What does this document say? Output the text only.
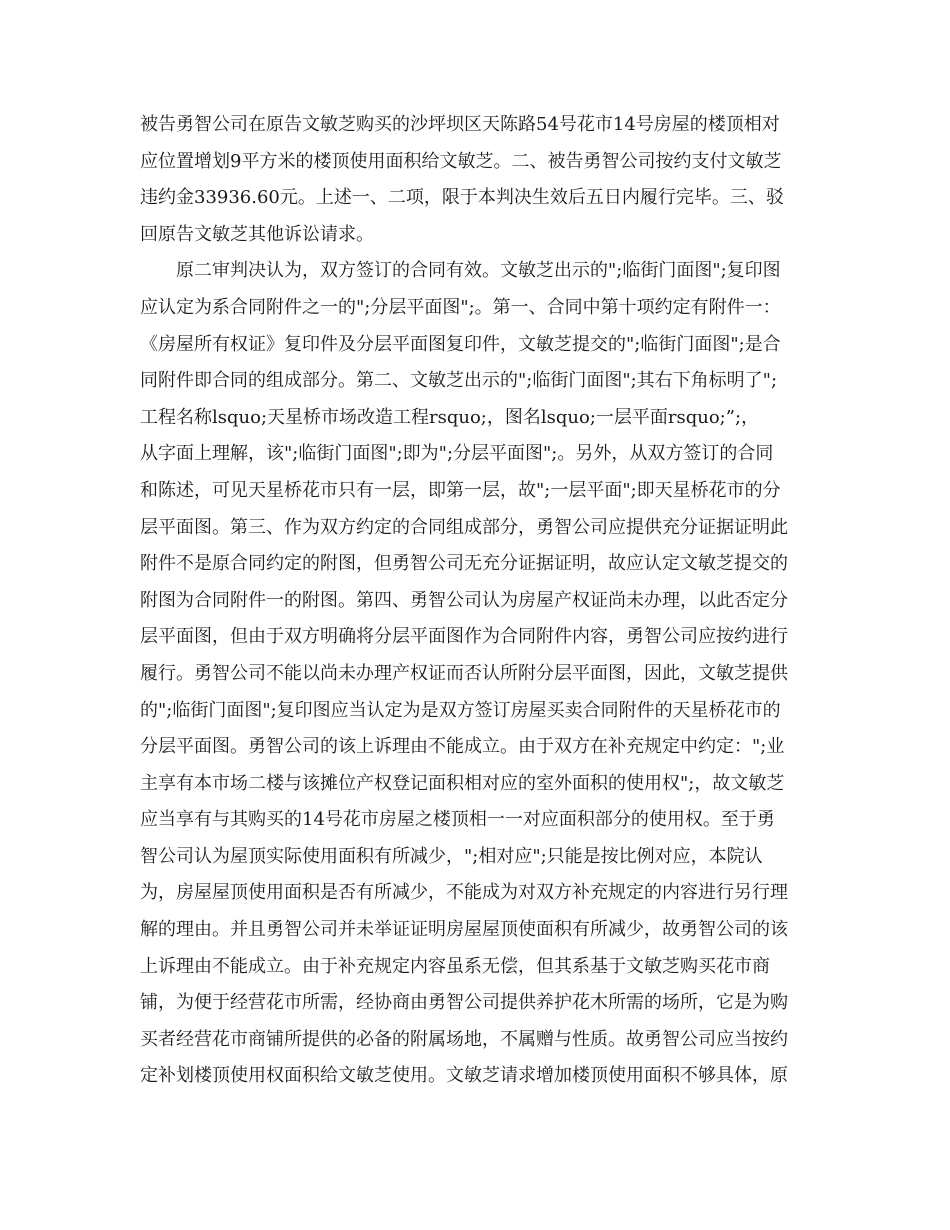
被告勇智公司在原告文敏芝购买的沙坪坝区天陈路54号花市14号房屋的楼顶相对
应位置增划9平方米的楼顶使用面积给文敏芝。二、被告勇智公司按约支付文敏芝
违约金33936.60元。上述一、二项，限于本判决生效后五日内履行完毕。三、驳
回原告文敏芝其他诉讼请求。
　　原二审判决认为，双方签订的合同有效。文敏芝出示的";临街门面图";复印图
应认定为系合同附件之一的";分层平面图";。第一、合同中第十项约定有附件一：
《房屋所有权证》复印件及分层平面图复印件，文敏芝提交的";临街门面图";是合
同附件即合同的组成部分。第二、文敏芝出示的";临街门面图";其右下角标明了";
工程名称lsquo;天星桥市场改造工程rsquo;，图名lsquo;一层平面rsquo;”;，
从字面上理解，该";临街门面图";即为";分层平面图";。另外，从双方签订的合同
和陈述，可见天星桥花市只有一层，即第一层，故";一层平面";即天星桥花市的分
层平面图。第三、作为双方约定的合同组成部分，勇智公司应提供充分证据证明此
附件不是原合同约定的附图，但勇智公司无充分证据证明，故应认定文敏芝提交的
附图为合同附件一的附图。第四、勇智公司认为房屋产权证尚未办理，以此否定分
层平面图，但由于双方明确将分层平面图作为合同附件内容，勇智公司应按约进行
履行。勇智公司不能以尚未办理产权证而否认所附分层平面图，因此，文敏芝提供
的";临街门面图";复印图应当认定为是双方签订房屋买卖合同附件的天星桥花市的
分层平面图。勇智公司的该上诉理由不能成立。由于双方在补充规定中约定：";业
主享有本市场二楼与该摊位产权登记面积相对应的室外面积的使用权";，故文敏芝
应当享有与其购买的14号花市房屋之楼顶相一一对应面积部分的使用权。至于勇
智公司认为屋顶实际使用面积有所减少，";相对应";只能是按比例对应，本院认
为，房屋屋顶使用面积是否有所减少，不能成为对双方补充规定的内容进行另行理
解的理由。并且勇智公司并未举证证明房屋屋顶使面积有所减少，故勇智公司的该
上诉理由不能成立。由于补充规定内容虽系无偿，但其系基于文敏芝购买花市商
铺，为便于经营花市所需，经协商由勇智公司提供养护花木所需的场所，它是为购
买者经营花市商铺所提供的必备的附属场地，不属赠与性质。故勇智公司应当按约
定补划楼顶使用权面积给文敏芝使用。文敏芝请求增加楼顶使用面积不够具体，原
